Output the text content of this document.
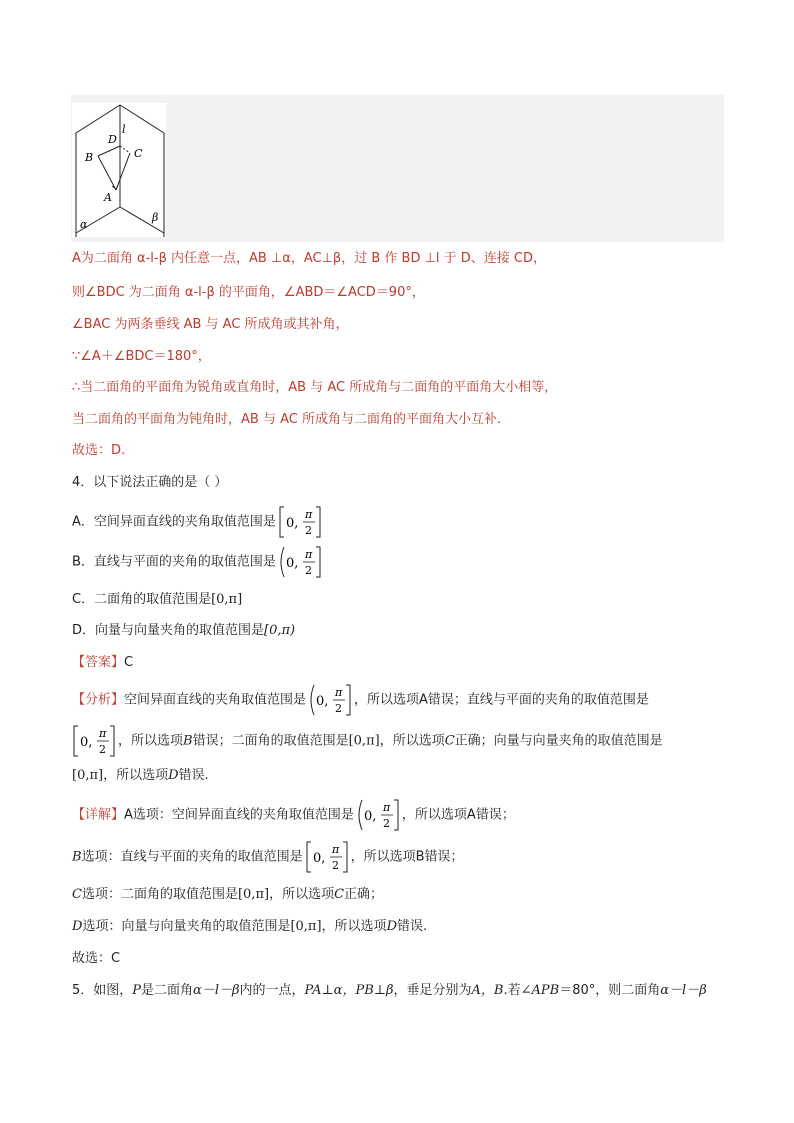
l
D
B	C
A
α
β
A为二面角 α-l-β 内任意一点，AB ⊥α，AC⊥β，过 B 作 BD ⊥l 于 D、连接 CD，
则∠BDC 为二面角 α-l-β 的平面角，∠ABD＝∠ACD＝90°，
∠BAC 为两条垂线 AB 与 AC 所成角或其补角，
∵∠A＋∠BDC＝180°，
∴当二面角的平面角为锐角或直角时，AB 与 AC 所成角与二面角的平面角大小相等，
当二面角的平面角为钝角时，AB 与 AC 所成角与二面角的平面角大小互补.
故选：D.
4．以下说法正确的是（ ）
A．空间异面直线的夹角取值范围是 0,
π
2
B．直线与平面的夹角的取值范围是 0,
π
2
C．二面角的取值范围是[0,π]
D．向量与向量夹角的取值范围是[0,π)
【答案】C
【分析】空间异面直线的夹角取值范围是 0,
π
2
，所以选项A错误；直线与平面的夹角的取值范围是
0,
π
2
，所以选项B错误；二面角的取值范围是[0,π]，所以选项C正确；向量与向量夹角的取值范围是
[0,π]，所以选项D错误.
【详解】A选项：空间异面直线的夹角取值范围是 0,
π
2
，所以选项A错误；
B选项：直线与平面的夹角的取值范围是 0,
π
2
，所以选项B错误；
C选项：二面角的取值范围是[0,π]，所以选项C正确；
D选项：向量与向量夹角的取值范围是[0,π]，所以选项D错误.
故选：C
5．如图，P是二面角α－l－β内的一点，PA⊥α，PB⊥β，垂足分别为A，B.若∠APB＝80°，则二面角α－l－β
